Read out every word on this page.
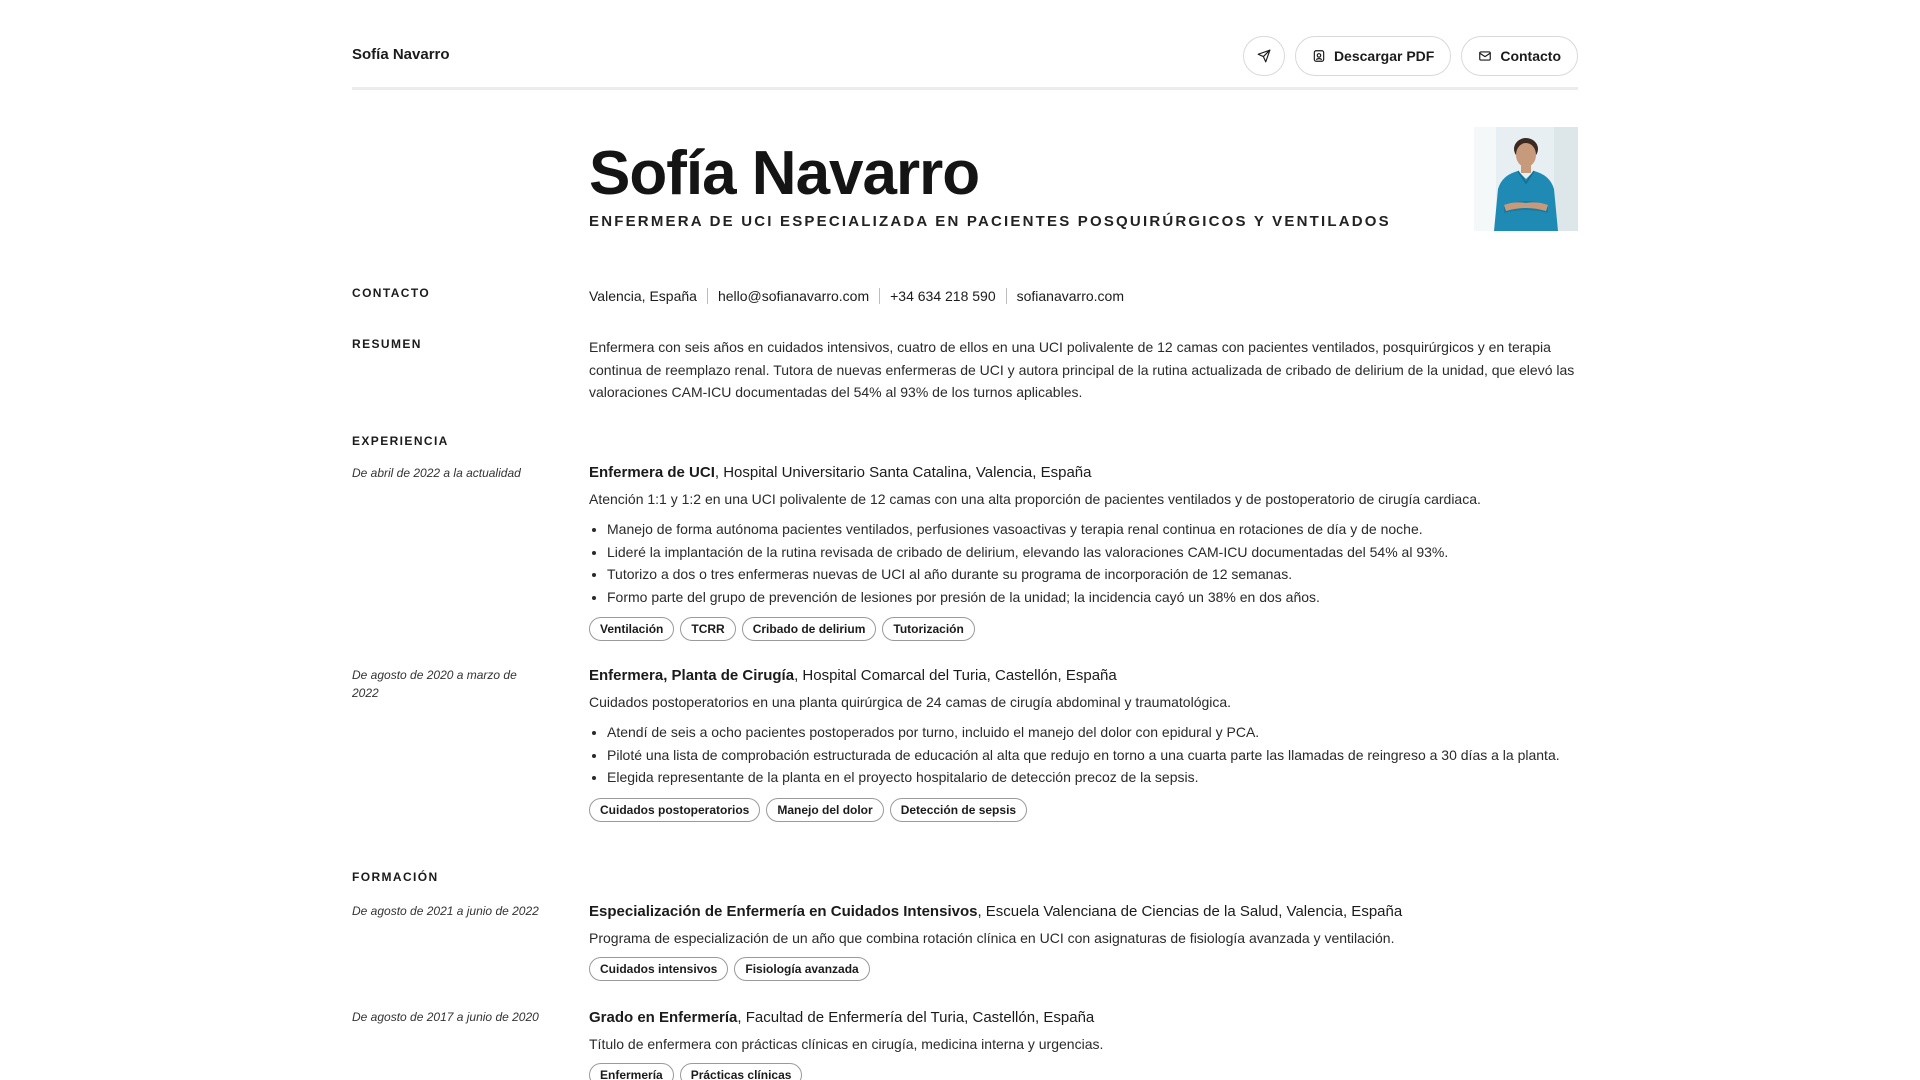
Sofía Navarro	Descargar PDF	Contacto
Sofía Navarro
ENFERMERA DE UCI ESPECIALIZADA EN PACIENTES POSQUIRÚRGICOS Y VENTILADOS
CONTACTO	Valencia, España hello@sofianavarro.com +34 634 218 590 sofianavarro.com
RESUMEN	Enfermera con seis años en cuidados intensivos, cuatro de ellos en una UCI polivalente de 12 camas con pacientes ventilados, posquirúrgicos y en terapia continua de reemplazo renal. Tutora de nuevas enfermeras de UCI y autora principal de la rutina actualizada de cribado de delirium de la unidad, que elevó las valoraciones CAM-ICU documentadas del 54% al 93% de los turnos aplicables.
EXPERIENCIA
De abril de 2022 a la actualidad	Enfermera de UCI, Hospital Universitario Santa Catalina, Valencia, España
Atención 1:1 y 1:2 en una UCI polivalente de 12 camas con una alta proporción de pacientes ventilados y de postoperatorio de cirugía cardiaca.
• Manejo de forma autónoma pacientes ventilados, perfusiones vasoactivas y terapia renal continua en rotaciones de día y de noche.
• Lideré la implantación de la rutina revisada de cribado de delirium, elevando las valoraciones CAM-ICU documentadas del 54% al 93%.
• Tutorizo a dos o tres enfermeras nuevas de UCI al año durante su programa de incorporación de 12 semanas.
• Formo parte del grupo de prevención de lesiones por presión de la unidad; la incidencia cayó un 38% en dos años.
Ventilación	TCRR	Cribado de delirium	Tutorización
De agosto de 2020 a marzo de 2022
Enfermera, Planta de Cirugía, Hospital Comarcal del Turia, Castellón, España
Cuidados postoperatorios en una planta quirúrgica de 24 camas de cirugía abdominal y traumatológica.
• Atendí de seis a ocho pacientes postoperados por turno, incluido el manejo del dolor con epidural y PCA.
• Piloté una lista de comprobación estructurada de educación al alta que redujo en torno a una cuarta parte las llamadas de reingreso a 30 días a la planta.
• Elegida representante de la planta en el proyecto hospitalario de detección precoz de la sepsis.
Cuidados postoperatorios	Manejo del dolor	Detección de sepsis
FORMACIÓN
De agosto de 2021 a junio de 2022	Especialización de Enfermería en Cuidados Intensivos, Escuela Valenciana de Ciencias de la Salud, Valencia, España
Programa de especialización de un año que combina rotación clínica en UCI con asignaturas de fisiología avanzada y ventilación.
Cuidados intensivos	Fisiología avanzada
De agosto de 2017 a junio de 2020	Grado en Enfermería, Facultad de Enfermería del Turia, Castellón, España
Título de enfermera con prácticas clínicas en cirugía, medicina interna y urgencias.
Enfermería	Prácticas clínicas
